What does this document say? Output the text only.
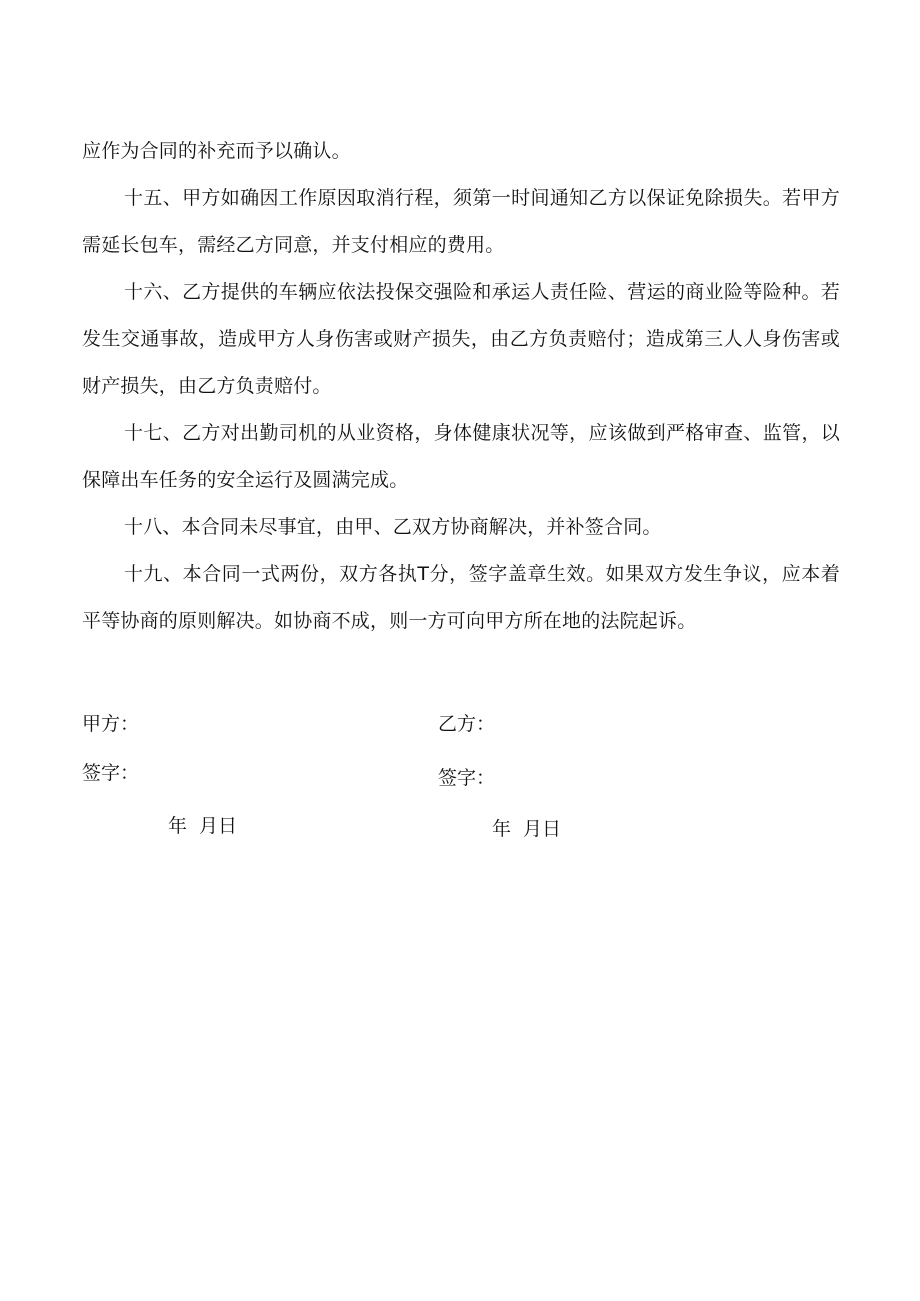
应作为合同的补充而予以确认。

十五、甲方如确因工作原因取消行程，须第一时间通知乙方以保证免除损失。若甲方需延长包车，需经乙方同意，并支付相应的费用。

十六、乙方提供的车辆应依法投保交强险和承运人责任险、营运的商业险等险种。若发生交通事故，造成甲方人身伤害或财产损失，由乙方负责赔付；造成第三人人身伤害或财产损失，由乙方负责赔付。

十七、乙方对出勤司机的从业资格，身体健康状况等，应该做到严格审查、监管，以保障出车任务的安全运行及圆满完成。

十八、本合同未尽事宜，由甲、乙双方协商解决，并补签合同。

十九、本合同一式两份，双方各执T分，签字盖章生效。如果双方发生争议，应本着平等协商的原则解决。如协商不成，则一方可向甲方所在地的法院起诉。

甲方：	乙方：
签字：	签字：
年 月日	年 月日
